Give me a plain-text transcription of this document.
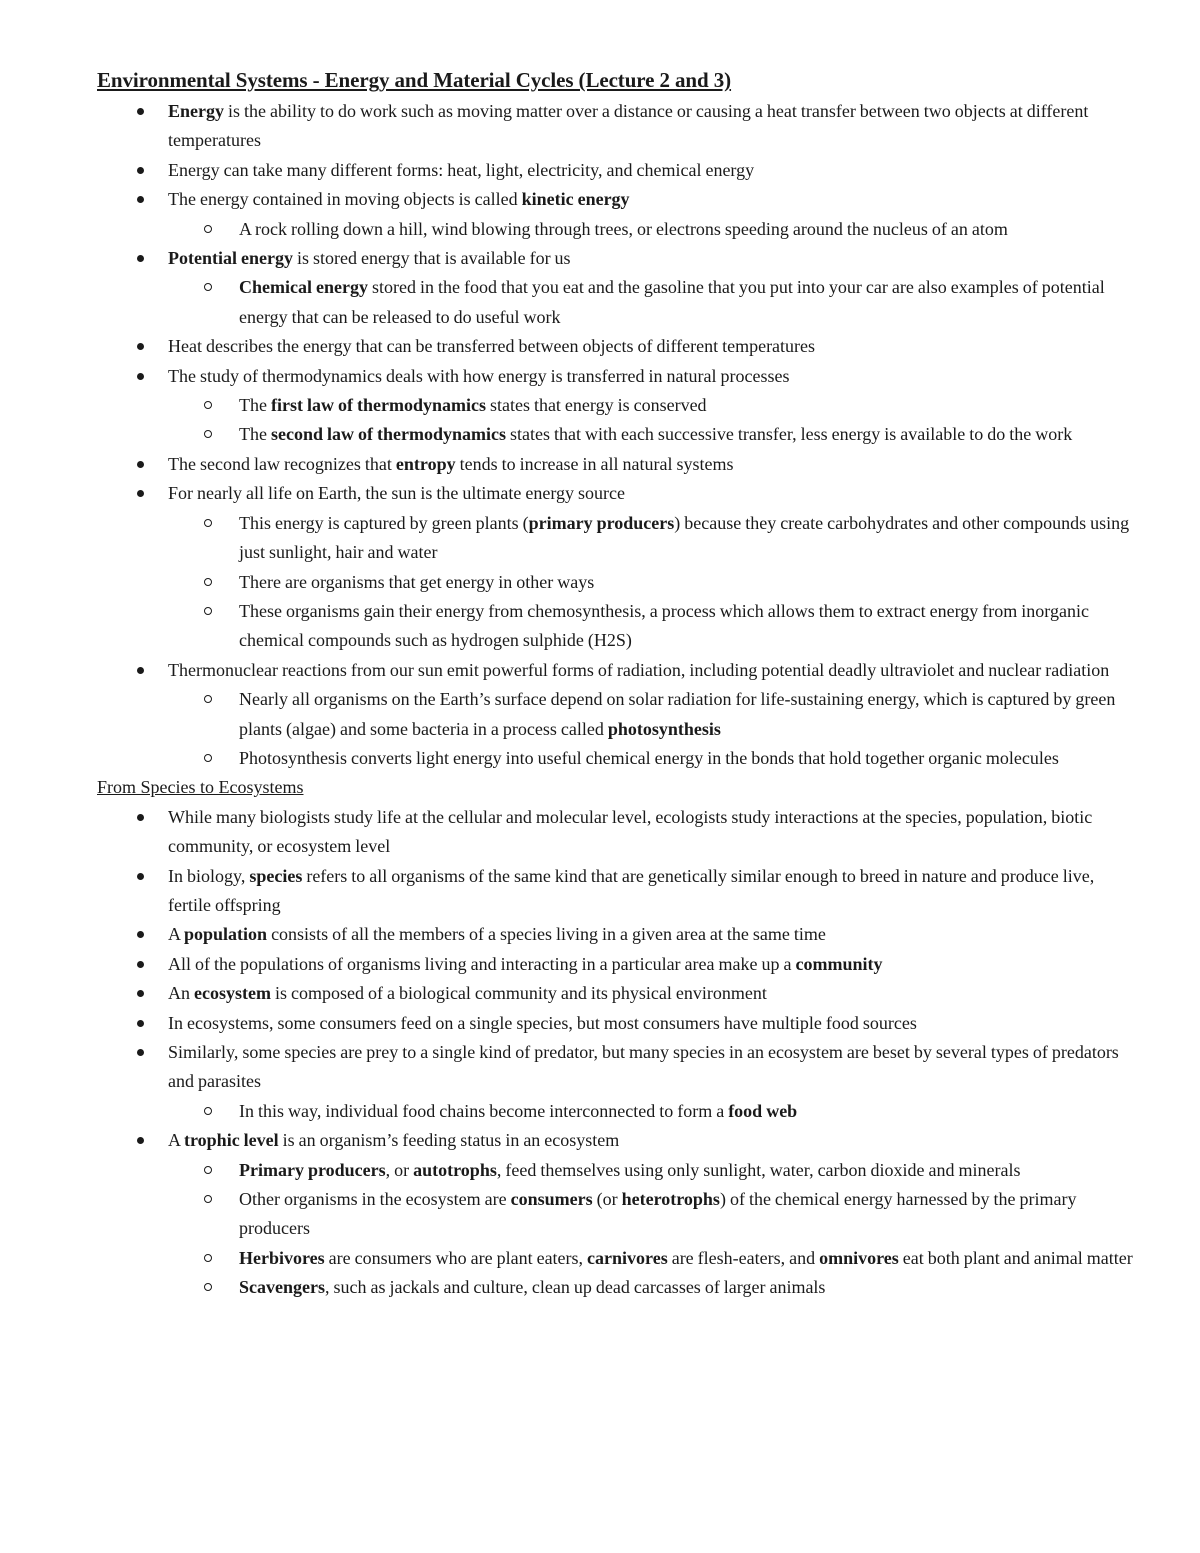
Environmental Systems - Energy and Material Cycles (Lecture 2 and 3)
Energy is the ability to do work such as moving matter over a distance or causing a heat transfer between two objects at different temperatures
Energy can take many different forms: heat, light, electricity, and chemical energy
The energy contained in moving objects is called kinetic energy
A rock rolling down a hill, wind blowing through trees, or electrons speeding around the nucleus of an atom
Potential energy is stored energy that is available for us
Chemical energy stored in the food that you eat and the gasoline that you put into your car are also examples of potential energy that can be released to do useful work
Heat describes the energy that can be transferred between objects of different temperatures
The study of thermodynamics deals with how energy is transferred in natural processes
The first law of thermodynamics states that energy is conserved
The second law of thermodynamics states that with each successive transfer, less energy is available to do the work
The second law recognizes that entropy tends to increase in all natural systems
For nearly all life on Earth, the sun is the ultimate energy source
This energy is captured by green plants (primary producers) because they create carbohydrates and other compounds using just sunlight, hair and water
There are organisms that get energy in other ways
These organisms gain their energy from chemosynthesis, a process which allows them to extract energy from inorganic chemical compounds such as hydrogen sulphide (H2S)
Thermonuclear reactions from our sun emit powerful forms of radiation, including potential deadly ultraviolet and nuclear radiation
Nearly all organisms on the Earth’s surface depend on solar radiation for life-sustaining energy, which is captured by green plants (algae) and some bacteria in a process called photosynthesis
Photosynthesis converts light energy into useful chemical energy in the bonds that hold together organic molecules
From Species to Ecosystems
While many biologists study life at the cellular and molecular level, ecologists study interactions at the species, population, biotic community, or ecosystem level
In biology, species refers to all organisms of the same kind that are genetically similar enough to breed in nature and produce live, fertile offspring
A population consists of all the members of a species living in a given area at the same time
All of the populations of organisms living and interacting in a particular area make up a community
An ecosystem is composed of a biological community and its physical environment
In ecosystems, some consumers feed on a single species, but most consumers have multiple food sources
Similarly, some species are prey to a single kind of predator, but many species in an ecosystem are beset by several types of predators and parasites
In this way, individual food chains become interconnected to form a food web
A trophic level is an organism’s feeding status in an ecosystem
Primary producers, or autotrophs, feed themselves using only sunlight, water, carbon dioxide and minerals
Other organisms in the ecosystem are consumers (or heterotrophs) of the chemical energy harnessed by the primary producers
Herbivores are consumers who are plant eaters, carnivores are flesh-eaters, and omnivores eat both plant and animal matter
Scavengers, such as jackals and culture, clean up dead carcasses of larger animals
